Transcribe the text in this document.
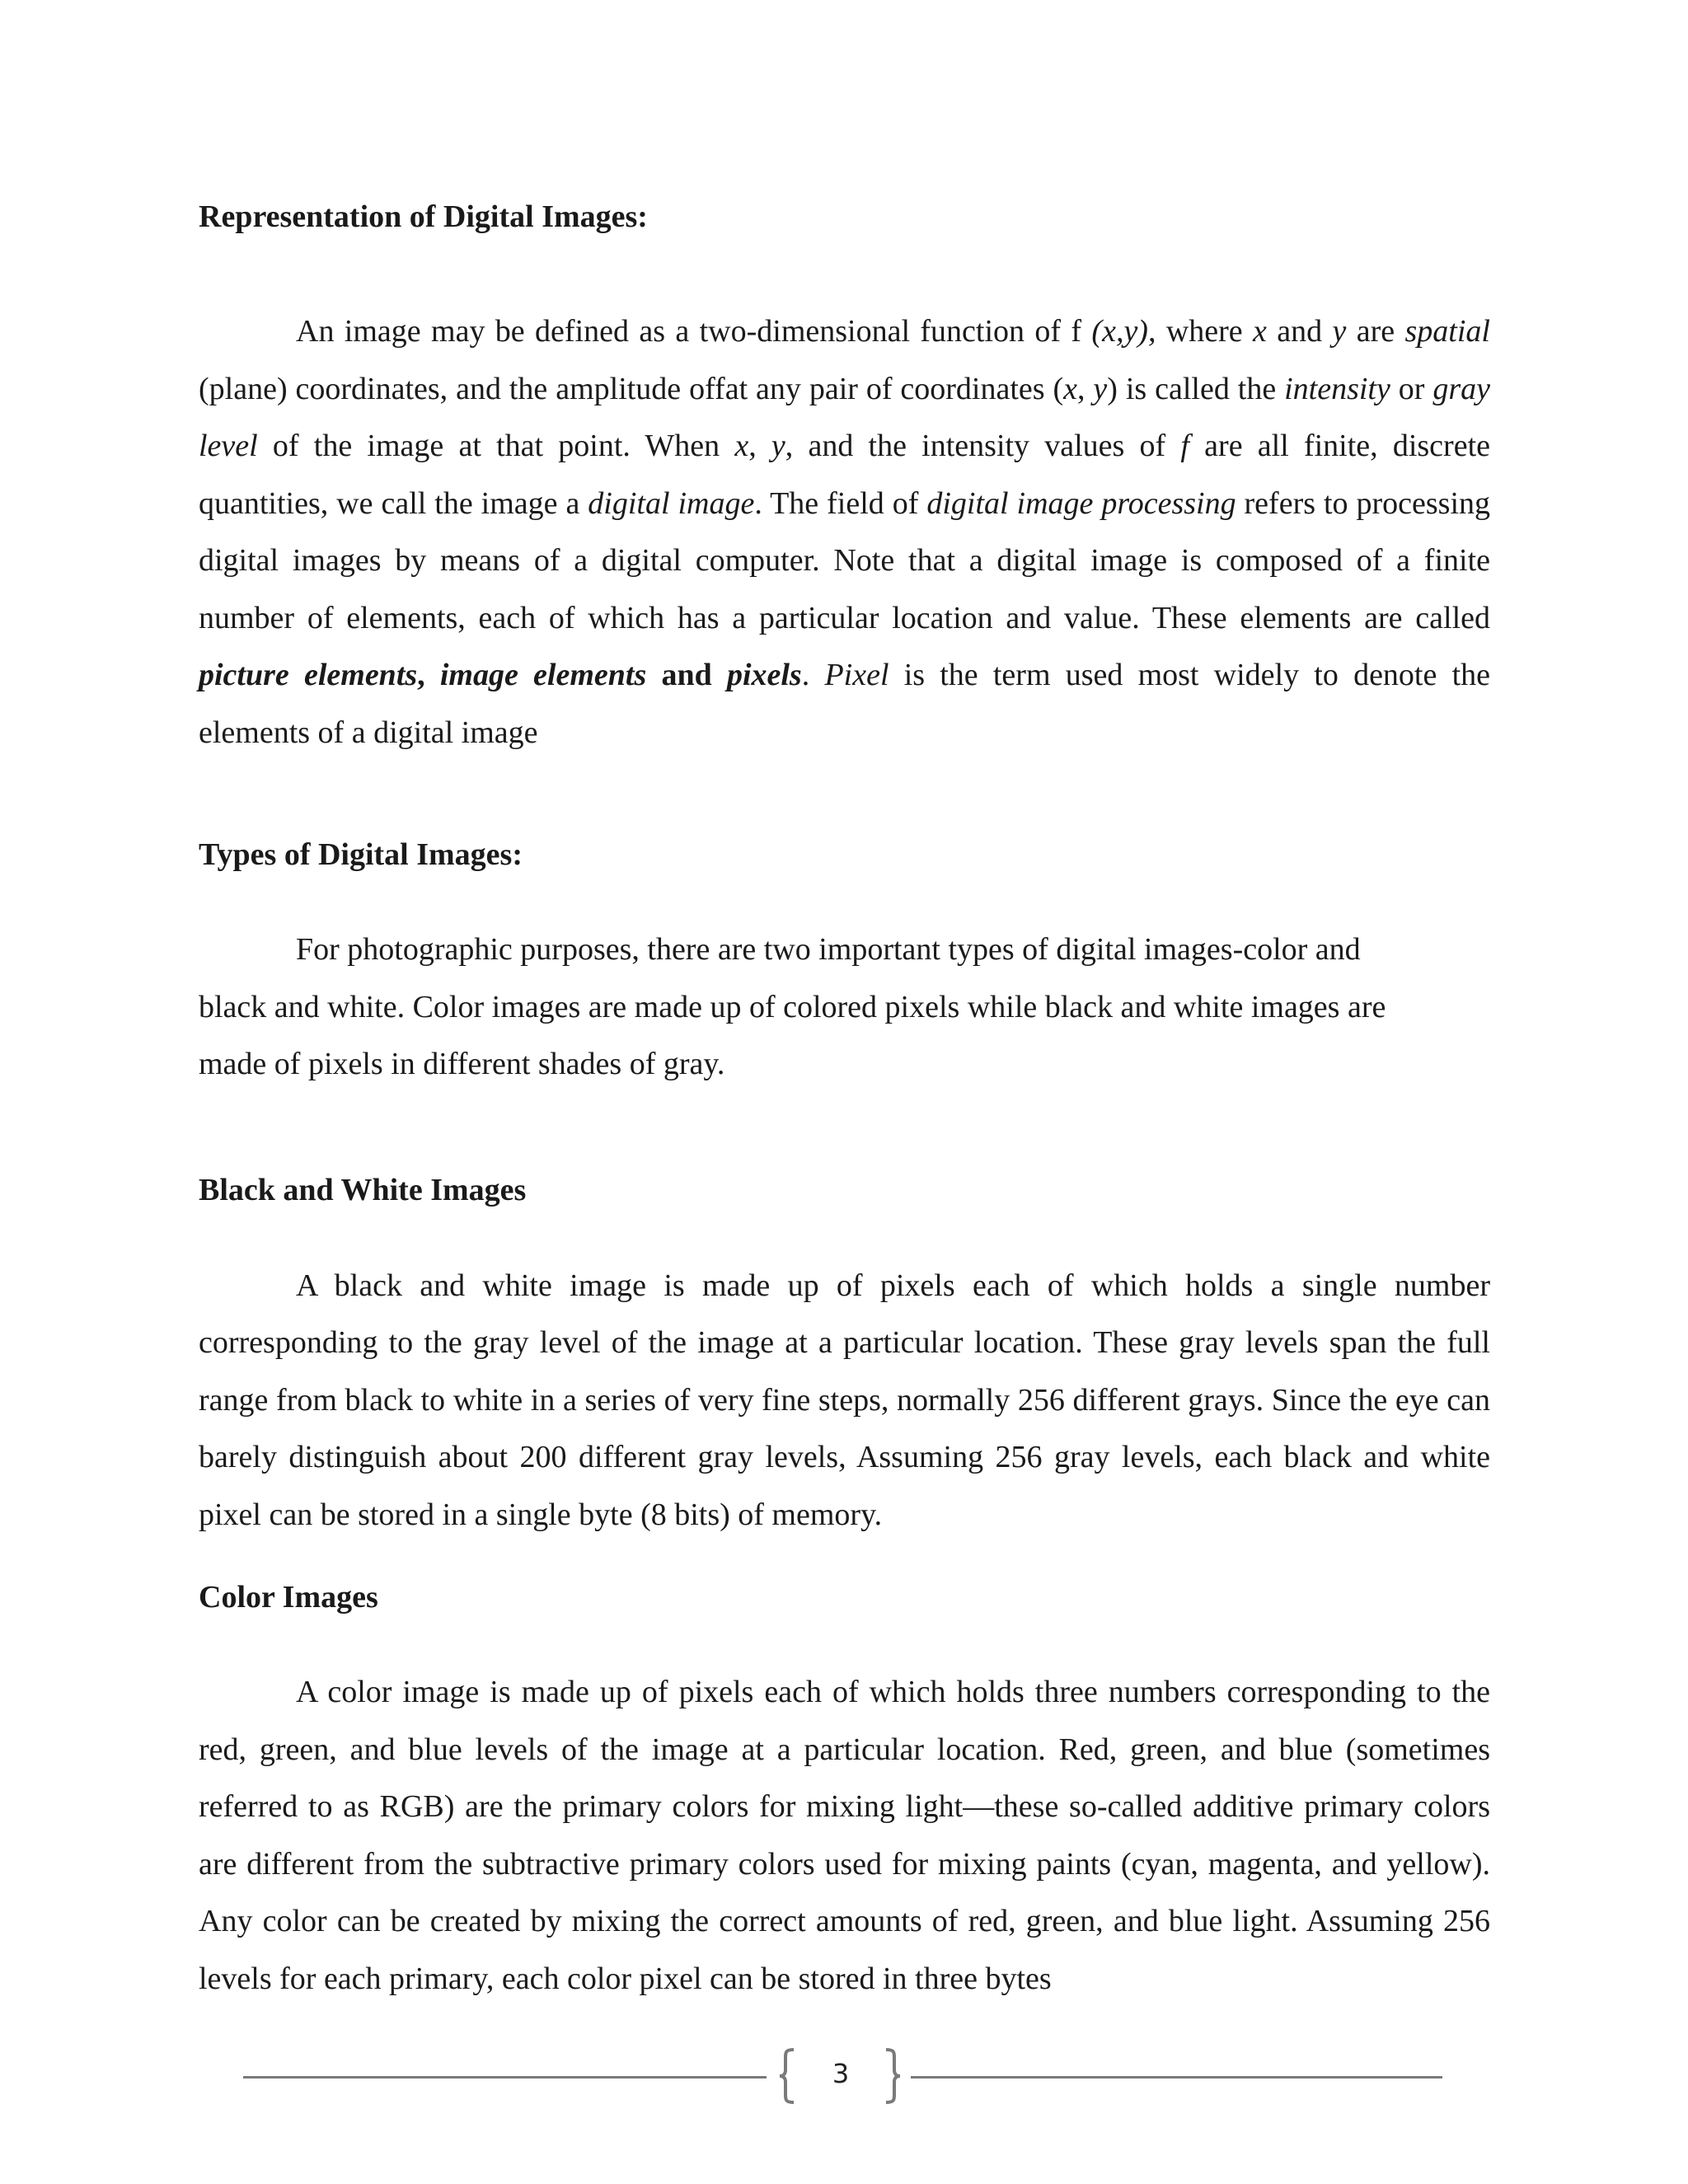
Representation of Digital Images:

An image may be defined as a two-dimensional function of f (x,y), where x and y are spatial (plane) coordinates, and the amplitude offat any pair of coordinates (x, y) is called the intensity or gray level of the image at that point. When x, y, and the intensity values of f are all finite, discrete quantities, we call the image a digital image. The field of digital image processing refers to processing digital images by means of a digital computer. Note that a digital image is composed of a finite number of elements, each of which has a particular location and value. These elements are called picture elements, image elements and pixels. Pixel is the term used most widely to denote the elements of a digital image

Types of Digital Images:

For photographic purposes, there are two important types of digital images-color and
black and white. Color images are made up of colored pixels while black and white images are
made of pixels in different shades of gray.

Black and White Images

A black and white image is made up of pixels each of which holds a single number corresponding to the gray level of the image at a particular location. These gray levels span the full range from black to white in a series of very fine steps, normally 256 different grays. Since the eye can barely distinguish about 200 different gray levels, Assuming 256 gray levels, each black and white pixel can be stored in a single byte (8 bits) of memory.

Color Images

A color image is made up of pixels each of which holds three numbers corresponding to the red, green, and blue levels of the image at a particular location. Red, green, and blue (sometimes referred to as RGB) are the primary colors for mixing light—these so-called additive primary colors are different from the subtractive primary colors used for mixing paints (cyan, magenta, and yellow). Any color can be created by mixing the correct amounts of red, green, and blue light. Assuming 256 levels for each primary, each color pixel can be stored in three bytes

3
